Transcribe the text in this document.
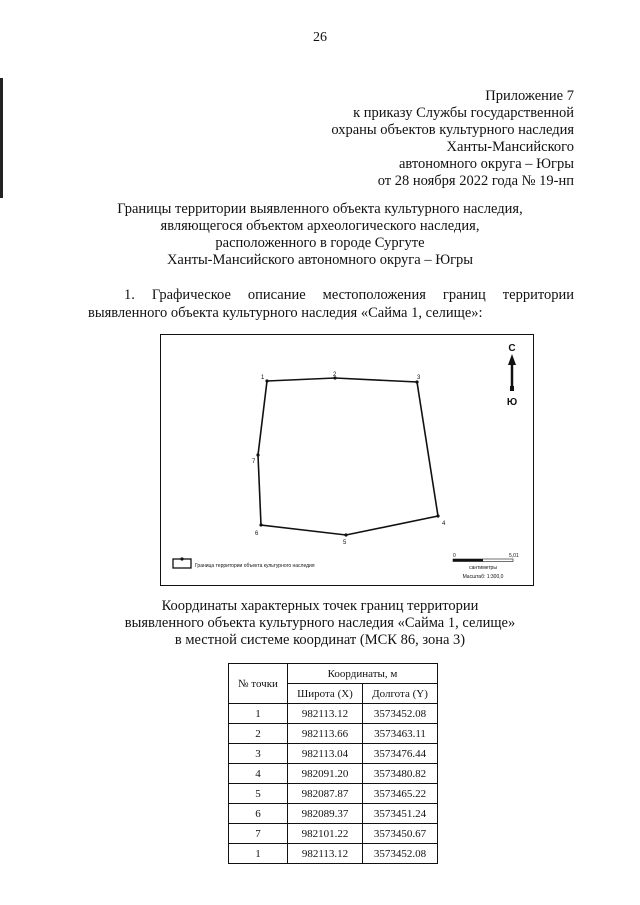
26
Приложение 7
к приказу Службы государственной
охраны объектов культурного наследия
Ханты-Мансийского
автономного округа – Югры
от 28 ноября 2022 года № 19-нп
Границы территории выявленного объекта культурного наследия,
являющегося объектом археологического наследия,
расположенного в городе Сургуте
Ханты-Мансийского автономного округа – Югры
1. Графическое описание местоположения границ территории
выявленного объекта культурного наследия «Сайма 1, селище»:
1	2	3
4
5
6
7
С
Ю
Граница территории объекта культурного наследия
0	5,01
сантиметры
Масштаб: 1:300,0
Координаты характерных точек границ территории
выявленного объекта культурного наследия «Сайма 1, селище»
в местной системе координат (МСК 86, зона 3)
№ точки	Координаты, м	
	Широта (X)	Долгота (Y)
1	982113.12	3573452.08
2	982113.66	3573463.11
3	982113.04	3573476.44
4	982091.20	3573480.82
5	982087.87	3573465.22
6	982089.37	3573451.24
7	982101.22	3573450.67
1	982113.12	3573452.08
